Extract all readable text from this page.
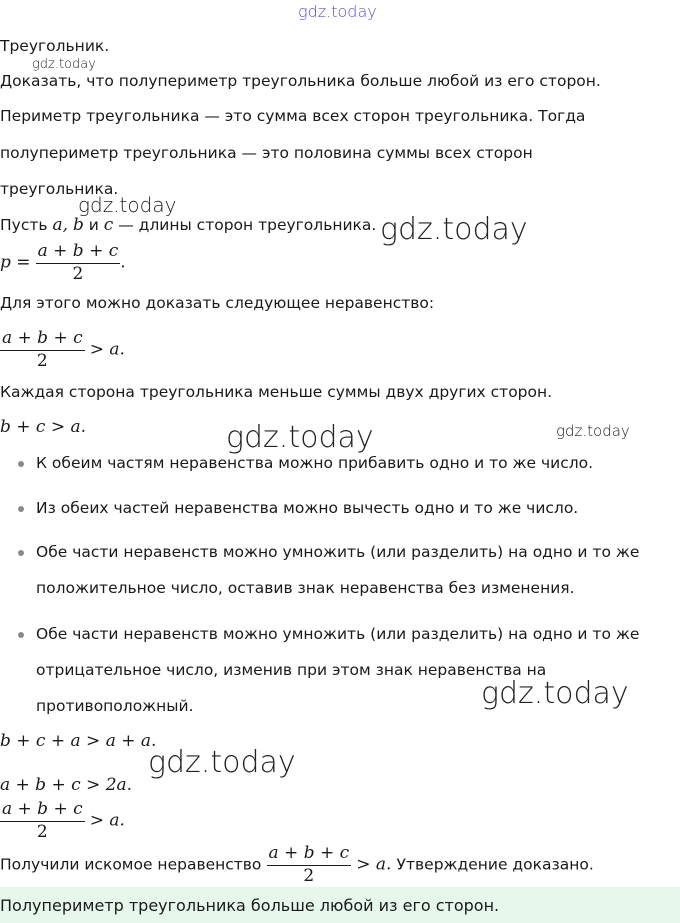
gdz.today
gdz.today
gdz.today
gdz.today
gdz.today	gdz.today
gdz.today
gdz.today
Треугольник.
Доказать, что полупериметр треугольника больше любой из его сторон.
Периметр треугольника — это сумма всех сторон треугольника. Тогда
полупериметр треугольника — это половина суммы всех сторон
треугольника.
Пусть a, b и c — длины сторон треугольника.
$p = \frac{a + b + c}{2}$ .
Для этого можно доказать следующее неравенство:
$\frac{a + b + c}{2} > a$.
Каждая сторона треугольника меньше суммы двух других сторон.
b + c > a.
К обеим частям неравенства можно прибавить одно и то же число.
Из обеих частей неравенства можно вычесть одно и то же число.
Обе части неравенств можно умножить (или разделить) на одно и то же
положительное число, оставив знак неравенства без изменения.
Обе части неравенств можно умножить (или разделить) на одно и то же
отрицательное число, изменив при этом знак неравенства на
противоположный.
b + c + a > a + a.
a + b + c > 2a.
$\frac{a + b + c}{2} > a$.
Получили искомое неравенство $\frac{a + b + c}{2} > a$. Утверждение доказано.
Полупериметр треугольника больше любой из его сторон.
